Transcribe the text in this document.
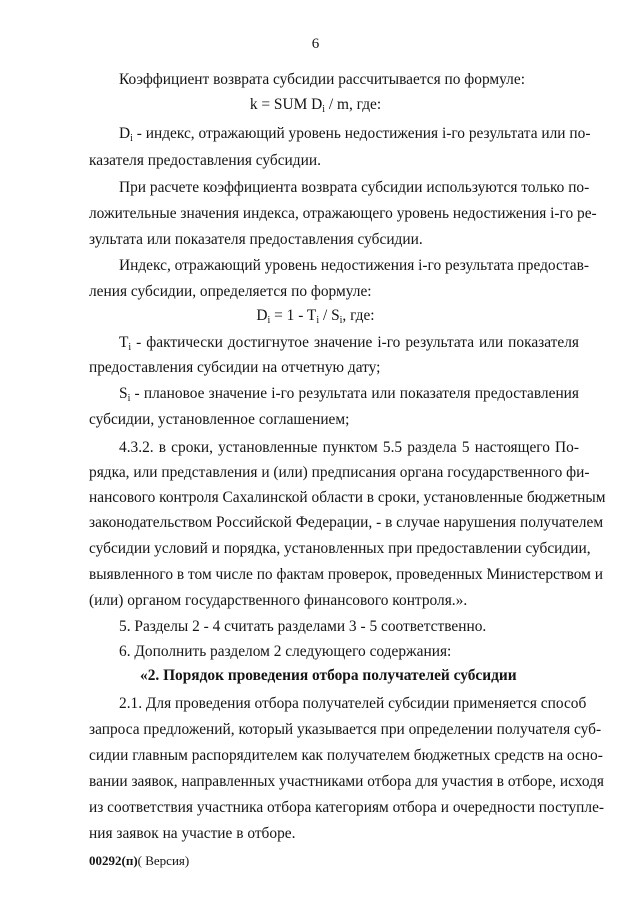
6
Коэффициент возврата субсидии рассчитывается по формуле:
k = SUM $D_i$ / m, где:
$D_i$ - индекс, отражающий уровень недостижения i-го результата или по-
казателя предоставления субсидии.
При расчете коэффициента возврата субсидии используются только по-
ложительные значения индекса, отражающего уровень недостижения i-го ре-
зультата или показателя предоставления субсидии.
Индекс, отражающий уровень недостижения i-го результата предостав-
ления субсидии, определяется по формуле:
$D_i = 1 - T_i / S_i$, где:
$T_i$ - фактически достигнутое значение i-го результата или показателя
предоставления субсидии на отчетную дату;
$S_i$ - плановое значение i-го результата или показателя предоставления
субсидии, установленное соглашением;
4.3.2. в сроки, установленные пунктом 5.5 раздела 5 настоящего По-
рядка, или представления и (или) предписания органа государственного фи-
нансового контроля Сахалинской области в сроки, установленные бюджетным
законодательством Российской Федерации, - в случае нарушения получателем
субсидии условий и порядка, установленных при предоставлении субсидии,
выявленного в том числе по фактам проверок, проведенных Министерством и
(или) органом государственного финансового контроля.».
5. Разделы 2 - 4 считать разделами 3 - 5 соответственно.
6. Дополнить разделом 2 следующего содержания:
«2. Порядок проведения отбора получателей субсидии
2.1. Для проведения отбора получателей субсидии применяется способ
запроса предложений, который указывается при определении получателя суб-
сидии главным распорядителем как получателем бюджетных средств на осно-
вании заявок, направленных участниками отбора для участия в отборе, исходя
из соответствия участника отбора категориям отбора и очередности поступле-
ния заявок на участие в отборе.
00292(п)( Версия)
